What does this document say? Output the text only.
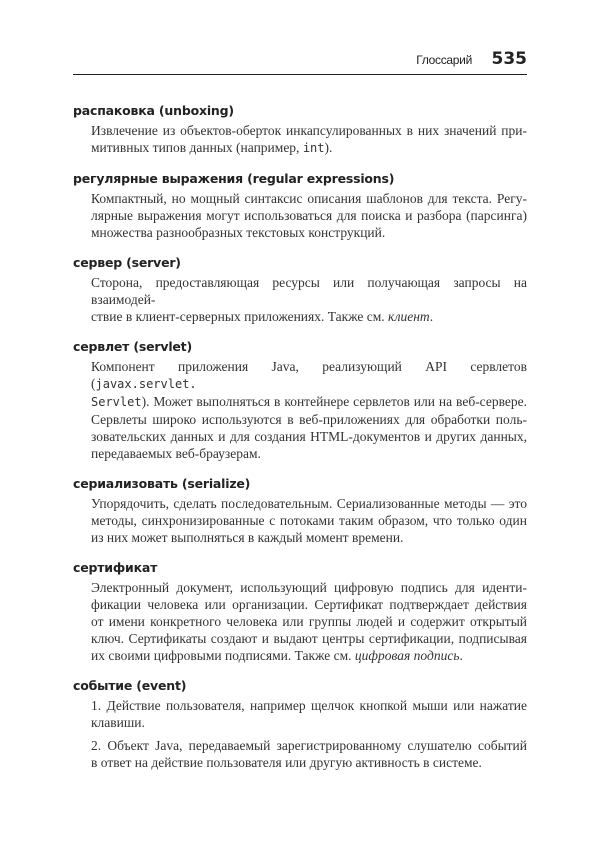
Глоссарий 535
распаковка (unboxing)
Извлечение из объектов-оберток инкапсулированных в них значений при-
митивных типов данных (например, int).
регулярные выражения (regular expressions)
Компактный, но мощный синтаксис описания шаблонов для текста. Регу-
лярные выражения могут использоваться для поиска и разбора (парсинга)
множества разнообразных текстовых конструкций.
сервер (server)
Сторона, предоставляющая ресурсы или получающая запросы на взаимодей-
ствие в клиент-серверных приложениях. Также см. клиент.
сервлет (servlet)
Компонент приложения Java, реализующий API сервлетов (javax.servlet.
Servlet). Может выполняться в контейнере сервлетов или на веб-сервере.
Сервлеты широко используются в веб-приложениях для обработки поль-
зовательских данных и для создания HTML-документов и других данных,
передаваемых веб-браузерам.
сериализовать (serialize)
Упорядочить, сделать последовательным. Сериализованные методы — это
методы, синхронизированные с потоками таким образом, что только один
из них может выполняться в каждый момент времени.
сертификат
Электронный документ, использующий цифровую подпись для иденти-
фикации человека или организации. Сертификат подтверждает действия
от имени конкретного человека или группы людей и содержит открытый
ключ. Сертификаты создают и выдают центры сертификации, подписывая
их своими цифровыми подписями. Также см. цифровая подпись.
событие (event)
1. Действие пользователя, например щелчок кнопкой мыши или нажатие
клавиши.
2. Объект Java, передаваемый зарегистрированному слушателю событий
в ответ на действие пользователя или другую активность в системе.
